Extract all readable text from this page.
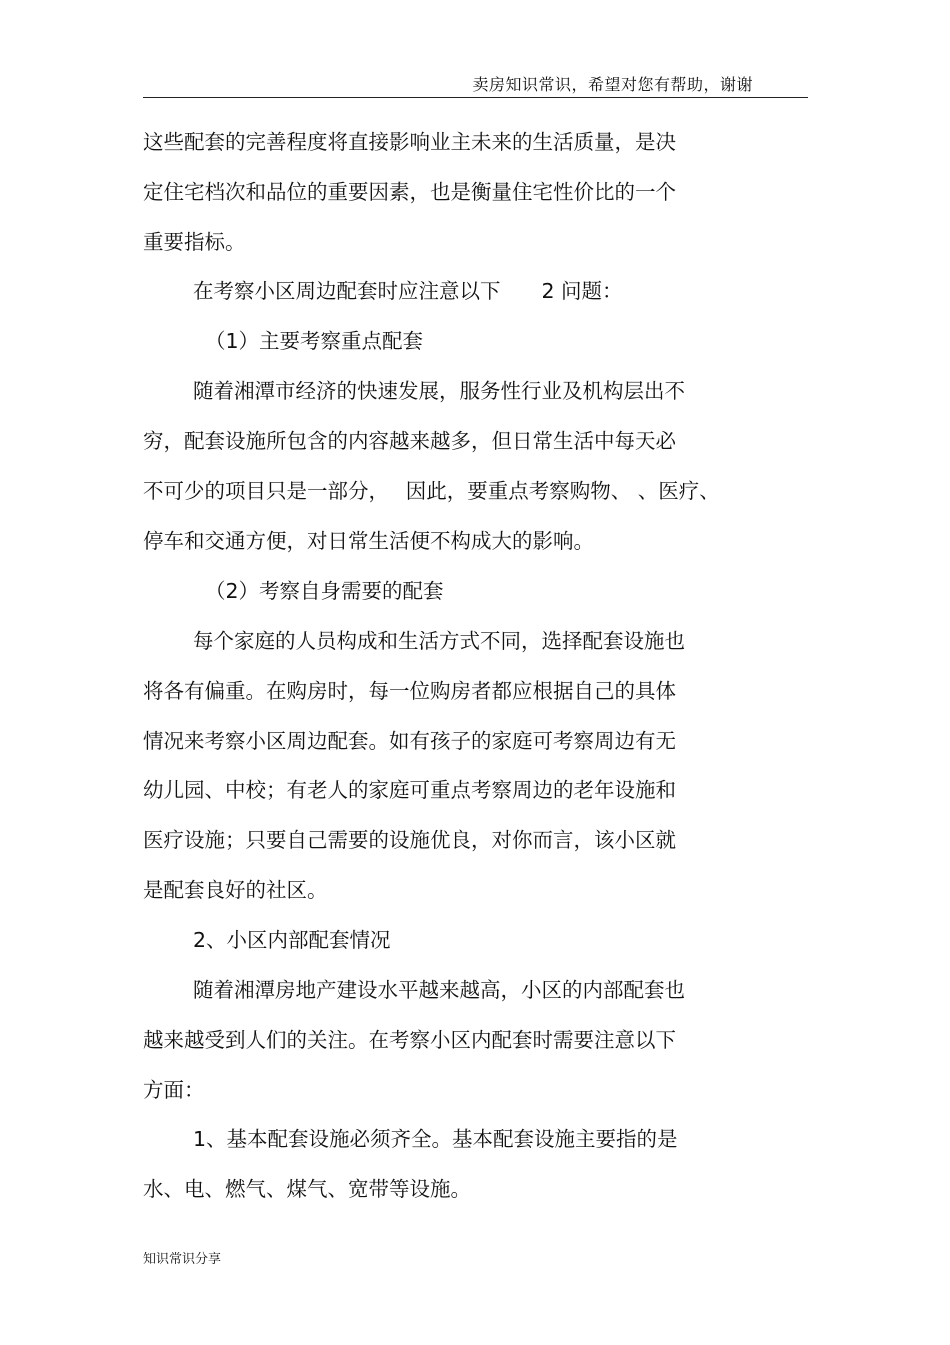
卖房知识常识，希望对您有帮助，谢谢
这些配套的完善程度将直接影响业主未来的生活质量，是决
定住宅档次和品位的重要因素，也是衡量住宅性价比的一个
重要指标。
在考察小区周边配套时应注意以下　　2 问题：
（1）主要考察重点配套
随着湘潭市经济的快速发展，服务性行业及机构层出不
穷，配套设施所包含的内容越来越多，但日常生活中每天必
不可少的项目只是一部分，　 因此，要重点考察购物、 、医疗、
停车和交通方便，对日常生活便不构成大的影响。
（2）考察自身需要的配套
每个家庭的人员构成和生活方式不同，选择配套设施也
将各有偏重。在购房时，每一位购房者都应根据自己的具体
情况来考察小区周边配套。如有孩子的家庭可考察周边有无
幼儿园、中校；有老人的家庭可重点考察周边的老年设施和
医疗设施；只要自己需要的设施优良，对你而言，该小区就
是配套良好的社区。
2、小区内部配套情况
随着湘潭房地产建设水平越来越高，小区的内部配套也
越来越受到人们的关注。在考察小区内配套时需要注意以下
方面：
1、基本配套设施必须齐全。基本配套设施主要指的是
水、电、燃气、煤气、宽带等设施。
知识常识分享
